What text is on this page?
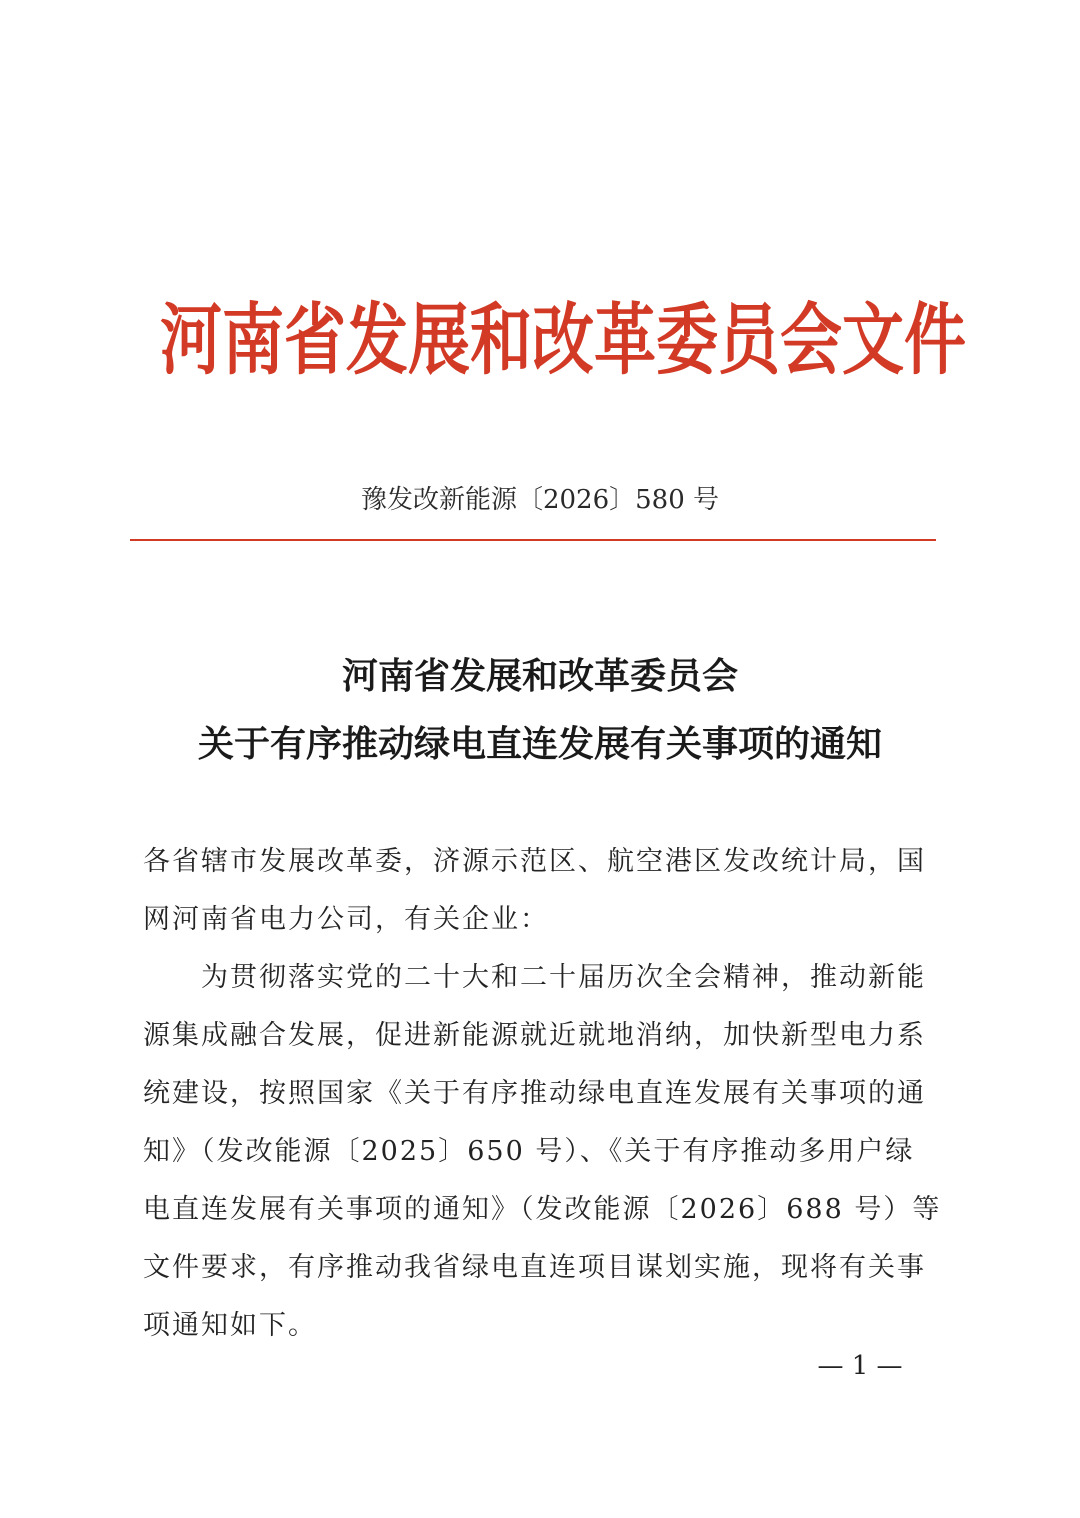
河南省发展和改革委员会文件
豫发改新能源〔2026〕580 号
河南省发展和改革委员会
关于有序推动绿电直连发展有关事项的通知
各省辖市发展改革委，济源示范区、航空港区发改统计局，国网河南省电力公司，有关企业：
为贯彻落实党的二十大和二十届历次全会精神，推动新能源集成融合发展，促进新能源就近就地消纳，加快新型电力系统建设，按照国家《关于有序推动绿电直连发展有关事项的通知》（发改能源〔2025〕650 号）、《关于有序推动多用户绿电直连发展有关事项的通知》（发改能源〔2026〕688 号）等文件要求，有序推动我省绿电直连项目谋划实施，现将有关事项通知如下。
— 1 —
